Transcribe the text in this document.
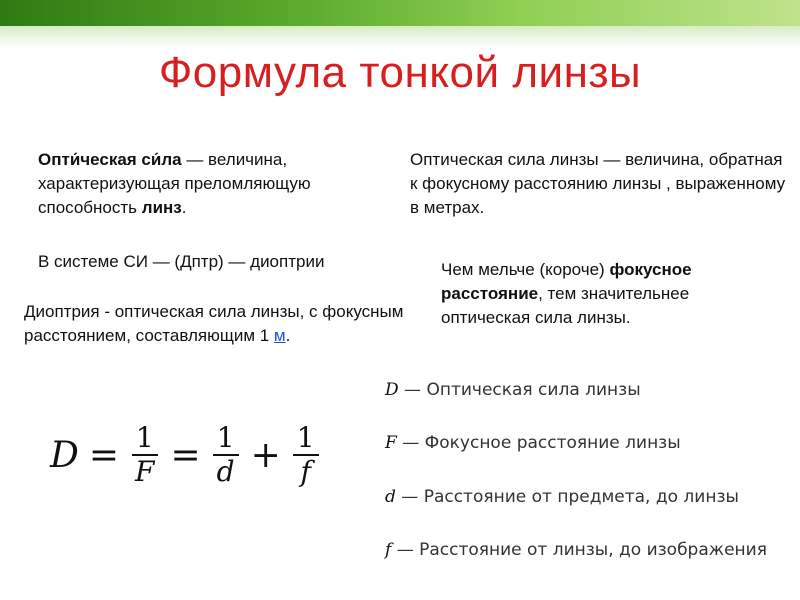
Формула тонкой линзы
Опти́ческая си́ла — величина, характеризующая преломляющую способность линз.
Оптическая сила линзы — величина, обратная к фокусному расстоянию линзы , выраженному в метрах.
В системе СИ — (Дптр) — диоптрии
Диоптрия - оптическая сила линзы, с фокусным расстоянием, составляющим 1 м.
Чем мельче (короче) фокусное расстояние, тем значительнее оптическая сила линзы.
$D = \frac{1}{F} = \frac{1}{d} + \frac{1}{f}$
D — Оптическая сила линзы
F — Фокусное расстояние линзы
d — Расстояние от предмета, до линзы
f — Расстояние от линзы, до изображения
